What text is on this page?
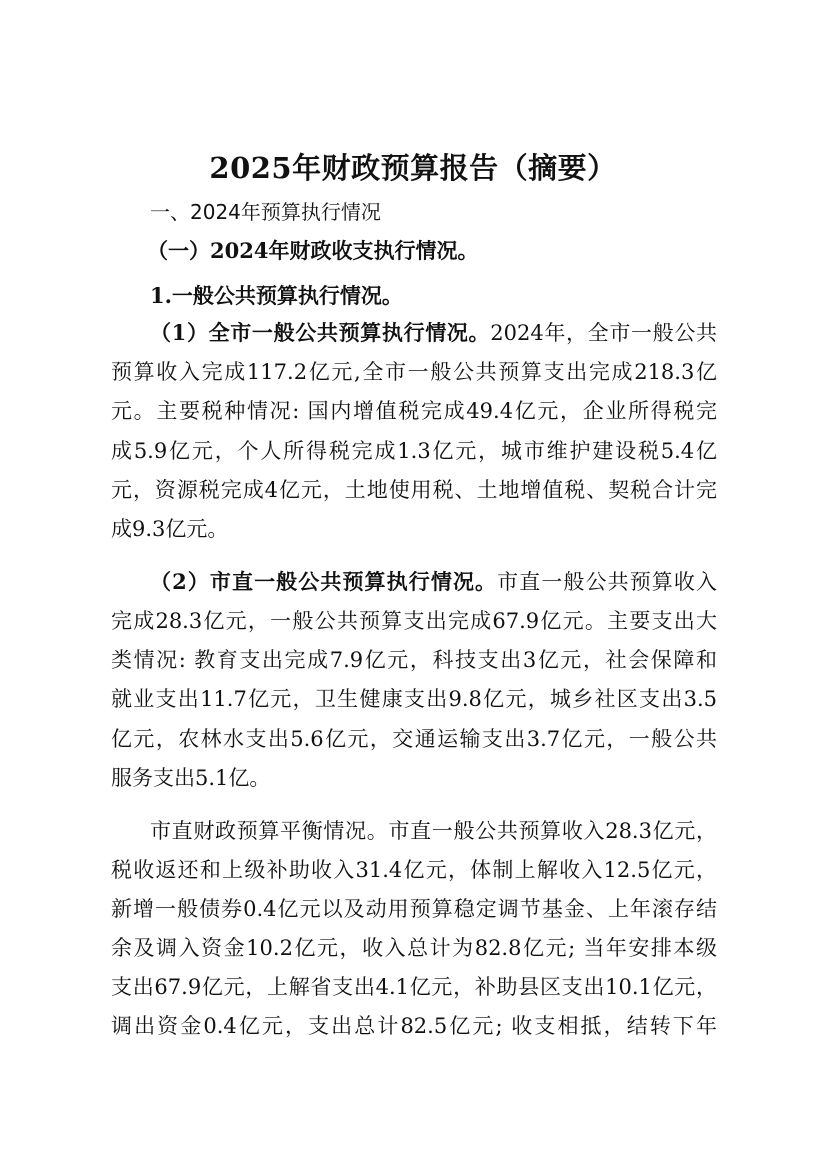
2025年财政预算报告（摘要）
一、2024年预算执行情况
（一）2024年财政收支执行情况。
1.一般公共预算执行情况。
（1）全市一般公共预算执行情况。2024年，全市一般公共
预算收入完成117.2亿元,全市一般公共预算支出完成218.3亿
元。主要税种情况: 国内增值税完成49.4亿元，企业所得税完
成5.9亿元，个人所得税完成1.3亿元，城市维护建设税5.4亿
元，资源税完成4亿元，土地使用税、土地增值税、契税合计完
成9.3亿元。
（2）市直一般公共预算执行情况。市直一般公共预算收入
完成28.3亿元，一般公共预算支出完成67.9亿元。主要支出大
类情况: 教育支出完成7.9亿元，科技支出3亿元，社会保障和
就业支出11.7亿元，卫生健康支出9.8亿元，城乡社区支出3.5
亿元，农林水支出5.6亿元，交通运输支出3.7亿元，一般公共
服务支出5.1亿。
市直财政预算平衡情况。市直一般公共预算收入28.3亿元，
税收返还和上级补助收入31.4亿元，体制上解收入12.5亿元，
新增一般债券0.4亿元以及动用预算稳定调节基金、上年滚存结
余及调入资金10.2亿元，收入总计为82.8亿元; 当年安排本级
支出67.9亿元，上解省支出4.1亿元，补助县区支出10.1亿元，
调出资金0.4亿元，支出总计82.5亿元; 收支相抵，结转下年
